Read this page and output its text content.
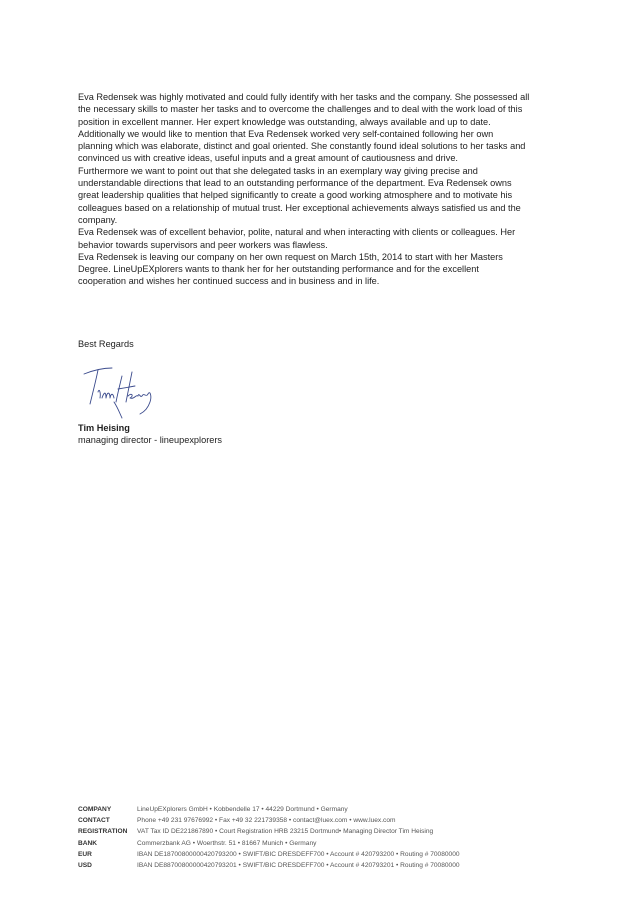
Eva Redensek was highly motivated and could fully identify with her tasks and the company. She possessed all
the necessary skills to master her tasks and to overcome the challenges and to deal with the work load of this
position in excellent manner. Her expert knowledge was outstanding, always available and up to date.
Additionally we would like to mention that Eva Redensek worked very self-contained following her own
planning which was elaborate, distinct and goal oriented. She constantly found ideal solutions to her tasks and
convinced us with creative ideas, useful inputs and a great amount of cautiousness and drive.

Furthermore we want to point out that she delegated tasks in an exemplary way giving precise and
understandable directions that lead to an outstanding performance of the department. Eva Redensek owns
great leadership qualities that helped significantly to create a good working atmosphere and to motivate his
colleagues based on a relationship of mutual trust. Her exceptional achievements always satisfied us and the
company.

Eva Redensek was of excellent behavior, polite, natural and when interacting with clients or colleagues. Her
behavior towards supervisors and peer workers was flawless.

Eva Redensek is leaving our company on her own request on March 15th, 2014 to start with her Masters
Degree. LineUpEXplorers wants to thank her for her outstanding performance and for the excellent
cooperation and wishes her continued success and in business and in life.

Best Regards
Tim Heising
managing director - lineupexplorers
COMPANY	LineUpEXplorers GmbH • Kobbendelle 17 • 44229 Dortmund • Germany
CONTACT	Phone +49 231 97676992 • Fax +49 32 221739358 • contact@luex.com • www.luex.com
REGISTRATION	VAT Tax ID DE221867890 • Court Registration HRB 23215 Dortmund• Managing Director Tim Heising
BANK	Commerzbank AG • Woerthstr. 51 • 81667 Munich • Germany
EUR	IBAN DE18700800000420793200 • SWIFT/BIC DRESDEFF700 • Account # 420793200 • Routing # 70080000
USD	IBAN DE88700800000420793201 • SWIFT/BIC DRESDEFF700 • Account # 420793201 • Routing # 70080000
